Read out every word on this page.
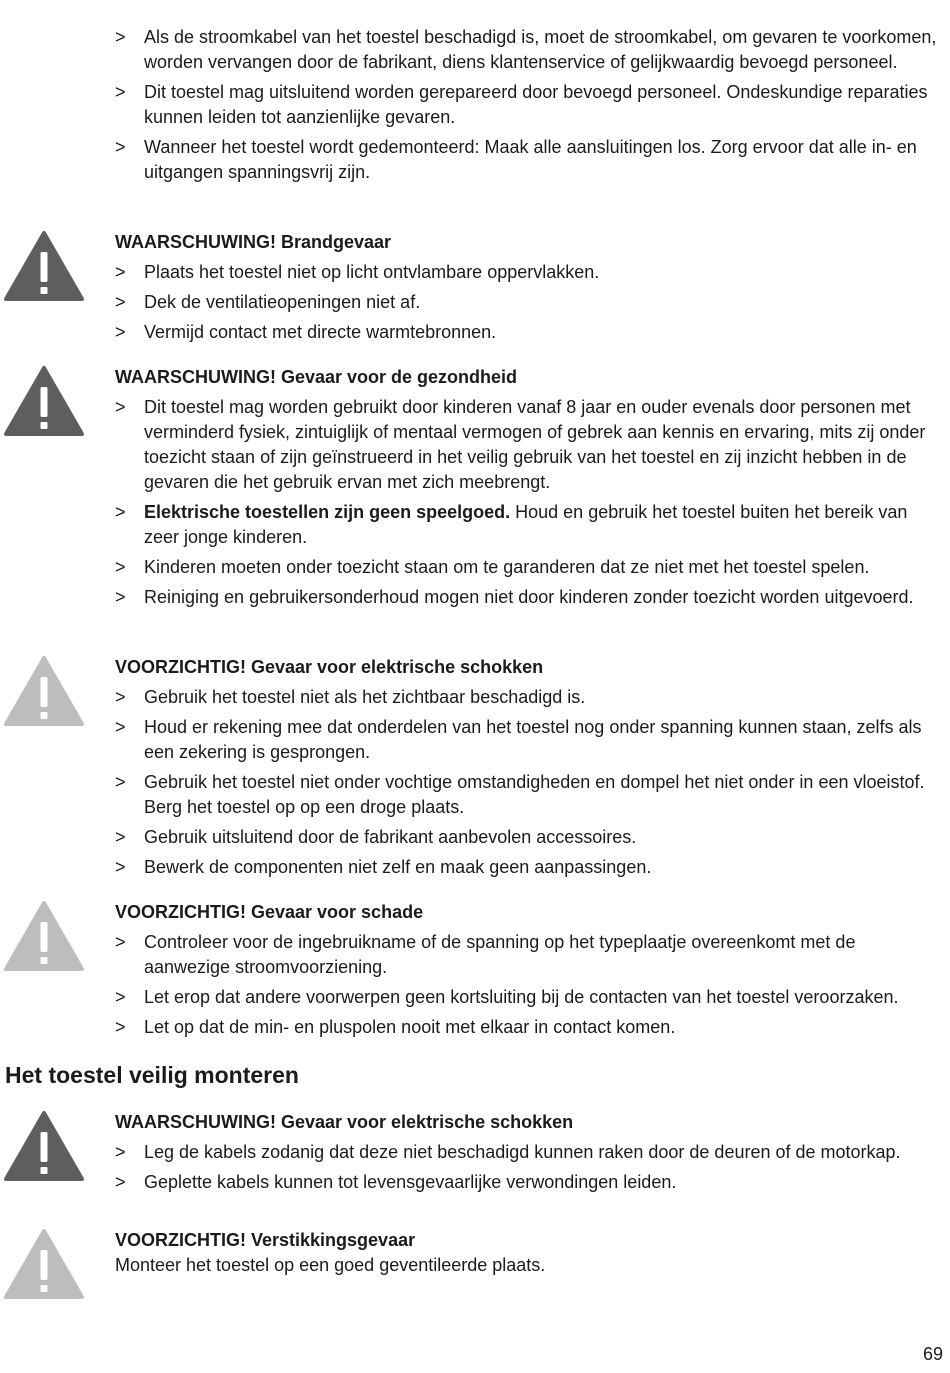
> Als de stroomkabel van het toestel beschadigd is, moet de stroomkabel, om gevaren te voorkomen, worden vervangen door de fabrikant, diens klantenservice of gelijkwaardig bevoegd personeel.
> Dit toestel mag uitsluitend worden gerepareerd door bevoegd personeel. Ondeskundige reparaties kunnen leiden tot aanzienlijke gevaren.
> Wanneer het toestel wordt gedemonteerd: Maak alle aansluitingen los. Zorg ervoor dat alle in- en uitgangen spanningsvrij zijn.
WAARSCHUWING! Brandgevaar
> Plaats het toestel niet op licht ontvlambare oppervlakken.
> Dek de ventilatieopeningen niet af.
> Vermijd contact met directe warmtebronnen.
WAARSCHUWING! Gevaar voor de gezondheid
> Dit toestel mag worden gebruikt door kinderen vanaf 8 jaar en ouder evenals door personen met verminderd fysiek, zintuiglijk of mentaal vermogen of gebrek aan kennis en ervaring, mits zij onder toezicht staan of zijn geïnstrueerd in het veilig gebruik van het toestel en zij inzicht hebben in de gevaren die het gebruik ervan met zich meebrengt.
> Elektrische toestellen zijn geen speelgoed. Houd en gebruik het toestel buiten het bereik van zeer jonge kinderen.
> Kinderen moeten onder toezicht staan om te garanderen dat ze niet met het toestel spelen.
> Reiniging en gebruikersonderhoud mogen niet door kinderen zonder toezicht worden uitgevoerd.
VOORZICHTIG! Gevaar voor elektrische schokken
> Gebruik het toestel niet als het zichtbaar beschadigd is.
> Houd er rekening mee dat onderdelen van het toestel nog onder spanning kunnen staan, zelfs als een zekering is gesprongen.
> Gebruik het toestel niet onder vochtige omstandigheden en dompel het niet onder in een vloeistof. Berg het toestel op op een droge plaats.
> Gebruik uitsluitend door de fabrikant aanbevolen accessoires.
> Bewerk de componenten niet zelf en maak geen aanpassingen.
VOORZICHTIG! Gevaar voor schade
> Controleer voor de ingebruikname of de spanning op het typeplaatje overeenkomt met de aanwezige stroomvoorziening.
> Let erop dat andere voorwerpen geen kortsluiting bij de contacten van het toestel veroorzaken.
> Let op dat de min- en pluspolen nooit met elkaar in contact komen.
Het toestel veilig monteren
WAARSCHUWING! Gevaar voor elektrische schokken
> Leg de kabels zodanig dat deze niet beschadigd kunnen raken door de deuren of de motorkap.
> Geplette kabels kunnen tot levensgevaarlijke verwondingen leiden.
VOORZICHTIG! Verstikkingsgevaar
Monteer het toestel op een goed geventileerde plaats.
69
